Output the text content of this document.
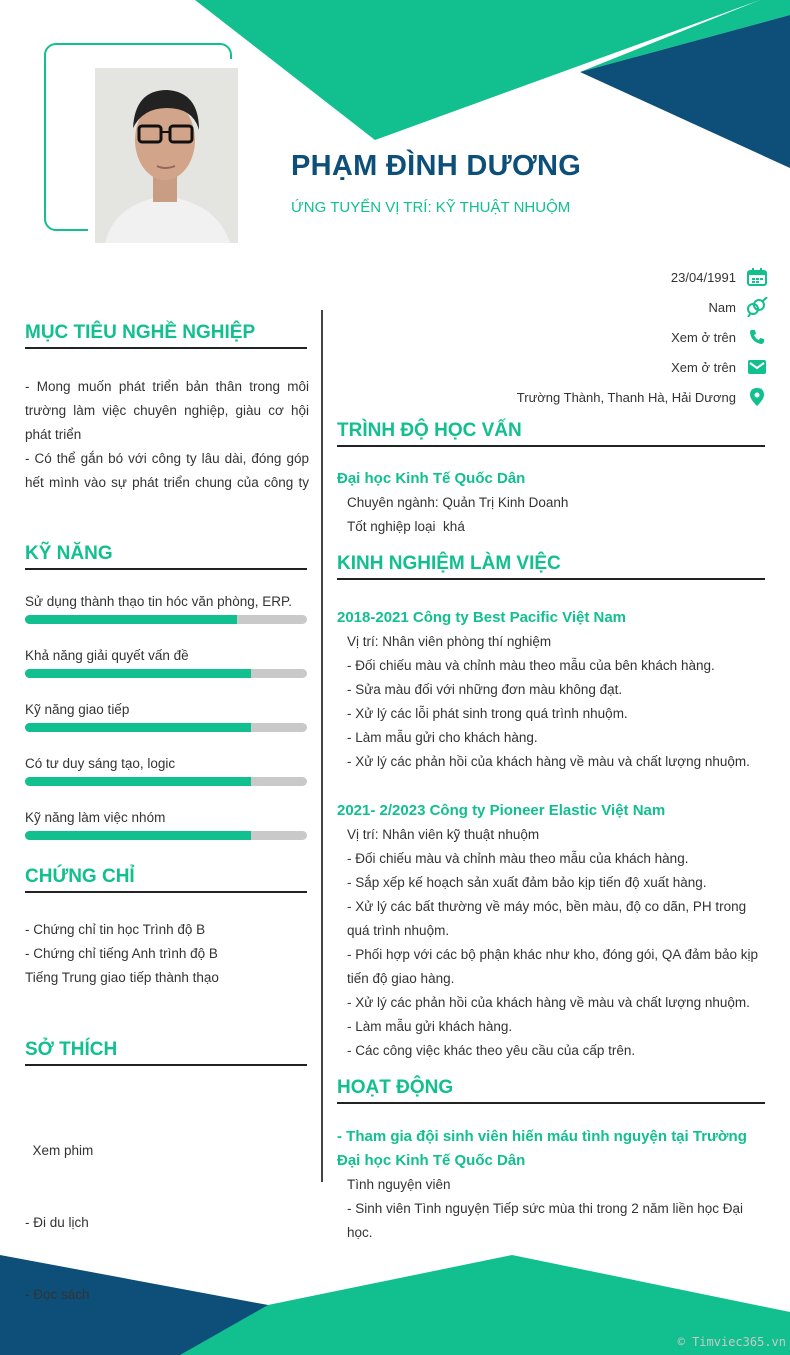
PHẠM ĐÌNH DƯƠNG
ỨNG TUYỂN VỊ TRÍ: KỸ THUẬT NHUỘM
23/04/1991
Nam
Xem ở trên
Xem ở trên
Trường Thành, Thanh Hà, Hải Dương
MỤC TIÊU NGHỀ NGHIỆP
- Mong muốn phát triển bản thân trong môi
trường làm việc chuyên nghiệp, giàu cơ hội
phát triển
- Có thể gắn bó với công ty lâu dài, đóng góp
hết mình vào sự phát triển chung của công ty
KỸ NĂNG
Sử dụng thành thạo tin hóc văn phòng, ERP.
Khả năng giải quyết vấn đề
Kỹ năng giao tiếp
Có tư duy sáng tạo, logic
Kỹ năng làm việc nhóm
CHỨNG CHỈ
- Chứng chỉ tin học Trình độ B
- Chứng chỉ tiếng Anh trình độ B
Tiếng Trung giao tiếp thành thạo
SỞ THÍCH

Xem phim

- Đi du lịch

- Đọc sách

TRÌNH ĐỘ HỌC VẤN
Đại học Kinh Tế Quốc Dân
Chuyên ngành: Quản Trị Kinh Doanh
Tốt nghiệp loại  khá
KINH NGHIỆM LÀM VIỆC
2018-2021 Công ty Best Pacific Việt Nam
Vị trí: Nhân viên phòng thí nghiệm
- Đối chiếu màu và chỉnh màu theo mẫu của bên khách hàng.
- Sửa màu đối với những đơn màu không đạt.
- Xử lý các lỗi phát sinh trong quá trình nhuộm.
- Làm mẫu gửi cho khách hàng.
- Xử lý các phản hồi của khách hàng về màu và chất lượng nhuộm.
2021- 2/2023 Công ty Pioneer Elastic Việt Nam
Vị trí: Nhân viên kỹ thuật nhuộm
- Đối chiếu màu và chỉnh màu theo mẫu của khách hàng.
- Sắp xếp kế hoạch sản xuất đảm bảo kịp tiến độ xuất hàng.
- Xử lý các bất thường về máy móc, bền màu, độ co dãn, PH trong
quá trình nhuộm.
- Phối hợp với các bộ phận khác như kho, đóng gói, QA đảm bảo kịp
tiến độ giao hàng.
- Xử lý các phản hồi của khách hàng về màu và chất lượng nhuộm.
- Làm mẫu gửi khách hàng.
- Các công việc khác theo yêu cầu của cấp trên.
HOẠT ĐỘNG
- Tham gia đội sinh viên hiến máu tình nguyện tại Trường
Đại học Kinh Tế Quốc Dân
Tình nguyện viên
- Sinh viên Tình nguyện Tiếp sức mùa thi trong 2 năm liền học Đại
học.
© Timviec365.vn
